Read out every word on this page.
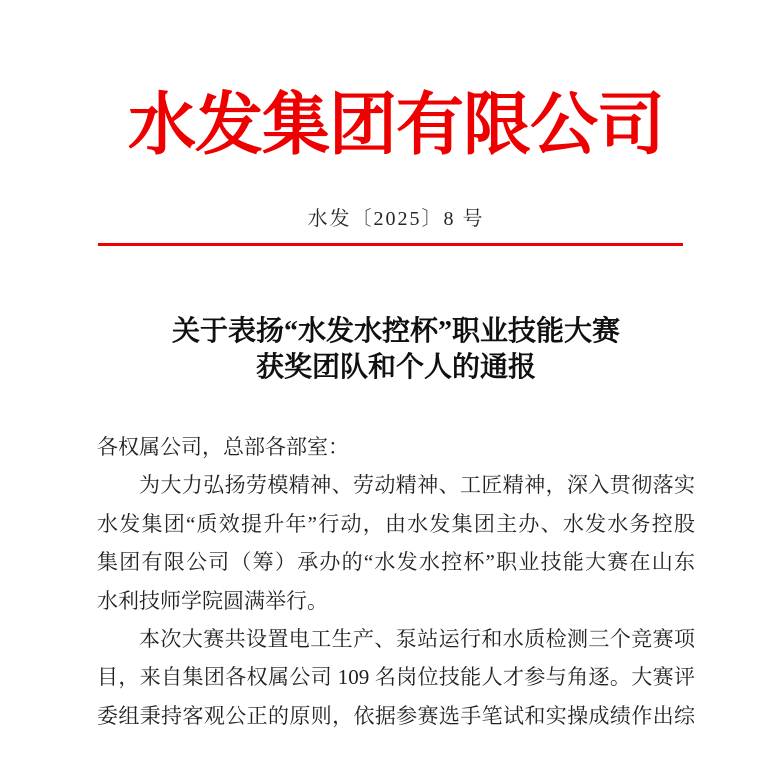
水发集团有限公司
水发〔2025〕8 号
关于表扬“水发水控杯”职业技能大赛
获奖团队和个人的通报
各权属公司，总部各部室：
为大力弘扬劳模精神、劳动精神、工匠精神，深入贯彻落实
水发集团“质效提升年”行动，由水发集团主办、水发水务控股
集团有限公司（筹）承办的“水发水控杯”职业技能大赛在山东
水利技师学院圆满举行。
本次大赛共设置电工生产、泵站运行和水质检测三个竞赛项
目，来自集团各权属公司 109 名岗位技能人才参与角逐。大赛评
委组秉持客观公正的原则，依据参赛选手笔试和实操成绩作出综
